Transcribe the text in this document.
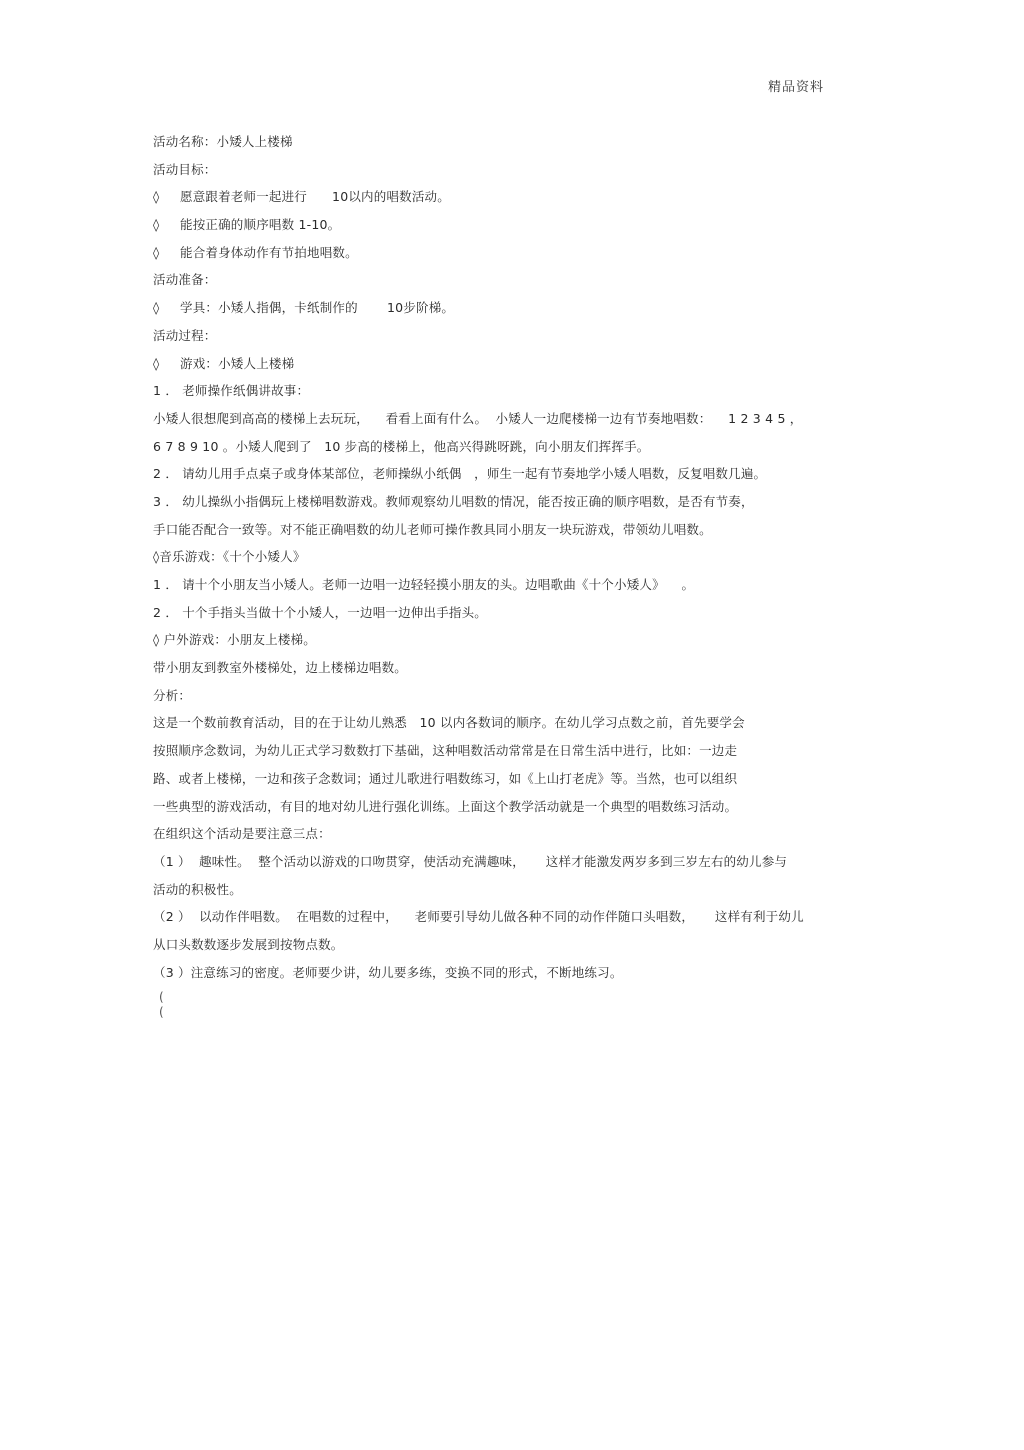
精品资料
活动名称：小矮人上楼梯
活动目标：
◊ 愿意跟着老师一起进行      10以内的唱数活动。
◊ 能按正确的顺序唱数 1-10。
◊ 能合着身体动作有节拍地唱数。
活动准备：
◊ 学具：小矮人指偶，卡纸制作的       10步阶梯。
活动过程：
◊ 游戏：小矮人上楼梯
1 ． 老师操作纸偶讲故事：
小矮人很想爬到高高的楼梯上去玩玩，    看看上面有什么。  小矮人一边爬楼梯一边有节奏地唱数：    1 2 3 4 5 ，
6 7 8 9 10 。小矮人爬到了   10 步高的楼梯上，他高兴得跳呀跳，向小朋友们挥挥手。
2 ． 请幼儿用手点桌子或身体某部位，老师操纵小纸偶   ，师生一起有节奏地学小矮人唱数，反复唱数几遍。
3 ． 幼儿操纵小指偶玩上楼梯唱数游戏。教师观察幼儿唱数的情况，能否按正确的顺序唱数，是否有节奏，
手口能否配合一致等。对不能正确唱数的幼儿老师可操作教具同小朋友一块玩游戏，带领幼儿唱数。
◊音乐游戏：《十个小矮人》
1 ． 请十个小朋友当小矮人。老师一边唱一边轻轻摸小朋友的头。边唱歌曲《十个小矮人》    。
2 ． 十个手指头当做十个小矮人，一边唱一边伸出手指头。
◊ 户外游戏：小朋友上楼梯。
带小朋友到教室外楼梯处，边上楼梯边唱数。
分析：
这是一个数前教育活动，目的在于让幼儿熟悉   10 以内各数词的顺序。在幼儿学习点数之前，首先要学会
按照顺序念数词，为幼儿正式学习数数打下基础，这种唱数活动常常是在日常生活中进行，比如：一边走
路、或者上楼梯，一边和孩子念数词；通过儿歌进行唱数练习，如《上山打老虎》等。当然，也可以组织
一些典型的游戏活动，有目的地对幼儿进行强化训练。上面这个教学活动就是一个典型的唱数练习活动。
在组织这个活动是要注意三点：
（1 ）  趣味性。  整个活动以游戏的口吻贯穿，使活动充满趣味，     这样才能激发两岁多到三岁左右的幼儿参与
活动的积极性。
（2 ）  以动作伴唱数。  在唱数的过程中，    老师要引导幼儿做各种不同的动作伴随口头唱数，     这样有利于幼儿
从口头数数逐步发展到按物点数。
（3 ）注意练习的密度。老师要少讲，幼儿要多练，变换不同的形式，不断地练习。
(
(
